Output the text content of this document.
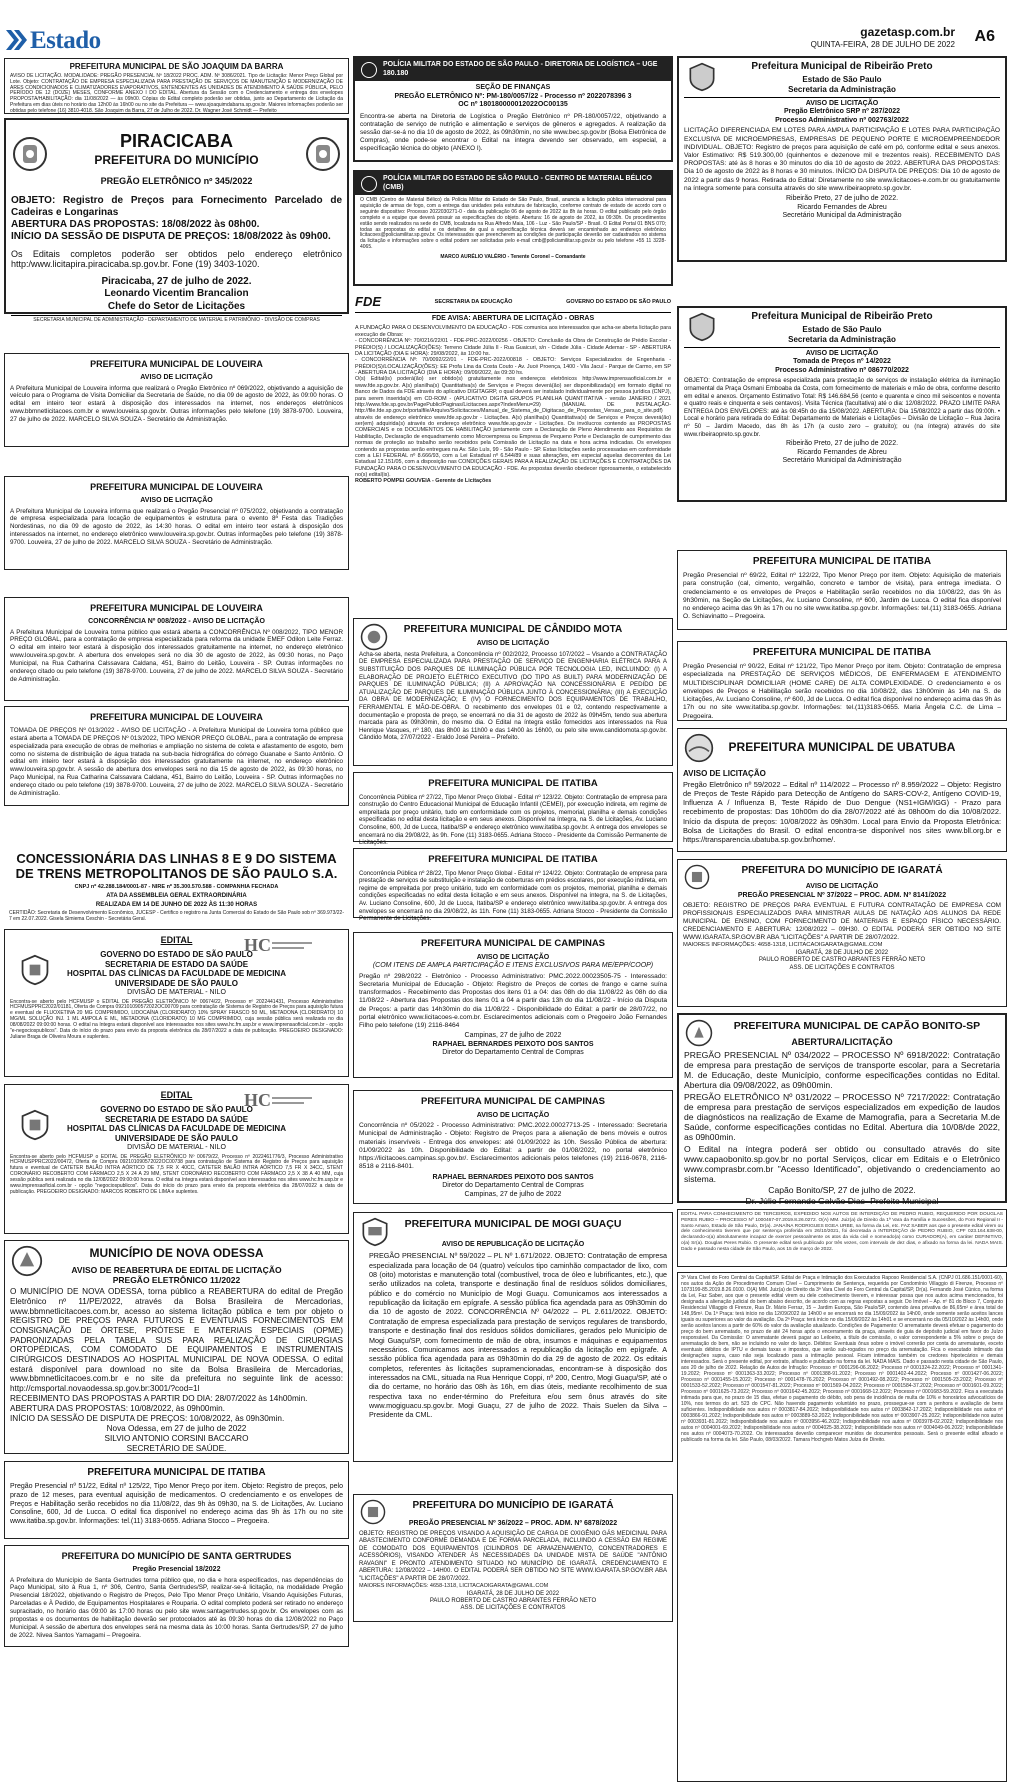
Estado	gazetasp.com.br
QUINTA-FEIRA, 28 DE JULHO DE 2022 A6
PREFEITURA MUNICIPAL DE SÃO JOAQUIM DA BARRA
AVISO DE LICITAÇÃO. MODALIDADE: PREGÃO PRESENCIAL Nº 18/2022 PROC. ADM. Nº 3086/2021. Tipo de Licitação: Menor Preço Global por Lote. Objeto: CONTRATAÇÃO DE EMPRESA ESPECIALIZADA PARA PRESTAÇÃO DE SERVIÇOS DE MANUTENÇÃO E MODERNIZAÇÃO DE ARES CONDICIONADOS E CLIMATIZADORES EVAPORATIVOS, ENTENDENTES AS UNIDADES DE ATENDIMENTO À SAÚDE PÚBLICA, PELO PERÍODO DE 12 (DOZE) MESES, CONFORME ANEXO I DO EDITAL. Abertura da Sessão com o Credenciamento e entrega dos envelopes PROPOSTA/HABILITAÇÃO: dia 11/08/2022 — às 09h00. Cópias do Edital completo poderão ser obtidas, junto ao Departamento de Licitação da Prefeitura em dias úteis no horário das 12h00 às 16h00 ou no site da Prefeitura — www.sjoaquimdabarra.sp.gov.br. Maiores informações poderão ser obtidas pelo telefone (16) 3810-4018. São Joaquim da Barra, 27 de Julho de 2022. Dr. Wagner José Schmidt — Prefeito
PIRACICABA
PREFEITURA DO MUNICÍPIO
PREGÃO ELETRÔNICO nº 345/2022
OBJETO: Registro de Preços para Fornecimento Parcelado de Cadeiras e Longarinas
ABERTURA DAS PROPOSTAS: 18/08/2022 às 08h00.
INÍCIO DA SESSÃO DE DISPUTA DE PREÇOS: 18/08/2022 às 09h00.
Os Editais completos poderão ser obtidos pelo endereço eletrônico http:/www.licitapira.piracicaba.sp.gov.br. Fone (19) 3403-1020.
Piracicaba, 27 de julho de 2022.
Leonardo Vicentim Brancalion
Chefe do Setor de Licitações
SECRETARIA MUNICIPAL DE ADMINISTRAÇÃO - DEPARTAMENTO DE MATERIAL E PATRIMÔNIO - DIVISÃO DE COMPRAS
PREFEITURA MUNICIPAL DE LOUVEIRA
AVISO DE LICITAÇÃO
A Prefeitura Municipal de Louveira informa que realizará o Pregão Eletrônico nº 069/2022, objetivando a aquisição de veículo para o Programa de Visita Domiciliar da Secretaria de Saúde, no dia 09 de agosto de 2022, às 09:00 horas. O edital em inteiro teor estará à disposição dos interessados na internet, nos endereços eletrônicos www.bbmnetlicitacoes.com.br e www.louveira.sp.gov.br. Outras informações pelo telefone (19) 3878-9700. Louveira, 27 de julho de 2022. MARCELO SILVA SOUZA - Secretário de Administração.
PREFEITURA MUNICIPAL DE LOUVEIRA
AVISO DE LICITAÇÃO
A Prefeitura Municipal de Louveira informa que realizará o Pregão Presencial nº 075/2022, objetivando a contratação de empresa especializada para locação de equipamentos e estrutura para o evento 8ª Festa das Tradições Nordestinas, no dia 09 de agosto de 2022, às 14:30 horas. O edital em inteiro teor estará à disposição dos interessados na internet, no endereço eletrônico www.louveira.sp.gov.br. Outras informações pelo telefone (19) 3878-9700. Louveira, 27 de julho de 2022. MARCELO SILVA SOUZA - Secretário de Administração.
PREFEITURA MUNICIPAL DE LOUVEIRA
CONCORRÊNCIA Nº 008/2022 - AVISO DE LICITAÇÃO
A Prefeitura Municipal de Louveira torna público que estará aberta a CONCORRÊNCIA Nº 008/2022, TIPO MENOR PREÇO GLOBAL, para a contratação de empresa especializada para reforma da unidade EMEF Odilon Leite Ferraz. O edital em inteiro teor estará à disposição dos interessados gratuitamente na internet, no endereço eletrônico www.louveira.sp.gov.br. A abertura dos envelopes será no dia 30 de agosto de 2022, às 09:30 horas, no Paço Municipal, na Rua Catharina Calssavara Caldana, 451, Bairro do Leitão, Louveira - SP. Outras informações no endereço citado ou pelo telefone (19) 3878-9700. Louveira, 27 de julho de 2022. MARCELO SILVA SOUZA - Secretário de Administração.
PREFEITURA MUNICIPAL DE LOUVEIRA
TOMADA DE PREÇOS Nº 013/2022 - AVISO DE LICITAÇÃO - A Prefeitura Municipal de Louveira torna público que estará aberta a TOMADA DE PREÇOS Nº 013/2022, TIPO MENOR PREÇO GLOBAL, para a contratação de empresa especializada para execução de obras de melhorias e ampliação no sistema de coleta e afastamento de esgoto, bem como no sistema de distribuição de água tratada na sub-bacia hidrográfica do córrego Guanabe e Santo Antônio. O edital em inteiro teor estará à disposição dos interessados gratuitamente na internet, no endereço eletrônico www.louveira.sp.gov.br. A sessão de abertura dos envelopes será no dia 15 de agosto de 2022, às 09:30 horas, no Paço Municipal, na Rua Catharina Calssavara Caldana, 451, Bairro do Leitão, Louveira - SP. Outras informações no endereço citado ou pelo telefone (19) 3878-9700. Louveira, 27 de julho de 2022. MARCELO SILVA SOUZA - Secretário de Administração.
CONCESSIONÁRIA DAS LINHAS 8 E 9 DO SISTEMA DE TRENS METROPOLITANOS DE SÃO PAULO S.A.
CNPJ nº 42.288.184/0001-87 - NIRE nº 35.300.570.588 - COMPANHIA FECHADA
ATA DA ASSEMBLEIA GERAL EXTRAORDINÁRIA
REALIZADA EM 14 DE JUNHO DE 2022 ÀS 11:30 HORAS
CERTIDÃO: Secretaria de Desenvolvimento Econômico, JUCESP - Certifico o registro na Junta Comercial do Estado de São Paulo sob nº 369.973/22-7 em 22.07.2022. Gisela Simiema Ceschin - Secretária Geral.
EDITAL	HC
GOVERNO DO ESTADO DE SÃO PAULO
SECRETARIA DE ESTADO DA SAÚDE
HOSPITAL DAS CLÍNICAS DA FACULDADE DE MEDICINA
UNIVERSIDADE DE SÃO PAULO
DIVISÃO DE MATERIAL - NILO
Encontra-se aberto pelo HCFMUSP o EDITAL DE PREGÃO ELETRÔNICO Nº 00674/22, Processo nº 2022441431, Processo Administrativo HCFMUSPPRC2022/01181, Oferta de Compra 092101090572022OC00709 para contratação de Sistema de Registro de Preços para aquisição futura e eventual de FLUOXETINA 20 MG COMPRIMIDO, LIDOCAÍNA (CLORIDRATO) 10% SPRAY FRASCO 50 ML, METADONA (CLORIDRATO) 10 MG/ML SOLUÇÃO INJ. 1 ML AMPOLA E ML, METADONA (CLORIDRATO) 10 MG COMPRIMIDO, cuja sessão pública será realizada no dia 08/08/2022 09:00:00 horas. O edital na íntegra estará disponível aos interessados nos sites www.hc.fm.usp.br e www.imprensaoficial.com.br - opção "e-negociospublicos". Data do início do prazo para envio da proposta eletrônica dia 28/07/2022 a data de publicação. PREGOEIRO DESIGNADO: Juliane Braga de Oliveira Moura e suplentes.
EDITAL	HC
GOVERNO DO ESTADO DE SÃO PAULO
SECRETARIA DE ESTADO DA SAÚDE
HOSPITAL DAS CLÍNICAS DA FACULDADE DE MEDICINA
UNIVERSIDADE DE SÃO PAULO
DIVISÃO DE MATERIAL - NILO
Encontra-se aberto pelo HCFMUSP o EDITAL DE PREGÃO ELETRÔNICO Nº 00679/22, Processo nº 2022461776/3, Processo Administrativo HCFMUSPPRC2022/00472, Oferta de Compra 092101090572022OC00738 para contratação de Sistema de Registro de Preços para aquisição futura e eventual de CATETER BALÃO INTRA AÓRTICO DE 7,5 FR X 40CC, CATETER BALÃO INTRA AÓRTICO 7,5 FR X 34CC, STENT CORONÁRIO RECOBERTO COM FÁRMACO 2,5 X 24 A 29 MM, STENT CORONÁRIO RECOBERTO COM FÁRMACO 2,5 X 38 A 40 MM, cuja sessão pública será realizada no dia 12/08/2022 09:00:00 horas. O edital na íntegra estará disponível aos interessados nos sites www.hc.fm.usp.br e www.imprensaoficial.com.br - opção "negociospublicos". Data do início do prazo para envio da proposta eletrônica dia 28/07/2022 a data de publicação. PREGOEIRO DESIGNADO: MARCOS ROBERTO DE LIMA e suplentes.
MUNICÍPIO DE NOVA ODESSA
AVISO DE REABERTURA DE EDITAL DE LICITAÇÃO
PREGÃO ELETRÔNICO 11/2022
O MUNICÍPIO DE NOVA ODESSA, torna público a REABERTURA do edital de Pregão Eletrônico nº 11/PE/2022, através da Bolsa Brasileira de Mercadorias, www.bbmnetlicitacoes.com.br, acesso ao sistema licitação pública e tem por objeto o REGISTRO DE PREÇOS PARA FUTUROS E EVENTUAIS FORNECIMENTOS EM CONSIGNAÇÃO DE ÓRTESE, PRÓTESE E MATERIAIS ESPECIAIS (OPME) PADRONIZADAS PELA TABELA SUS PARA REALIZAÇÃO DE CIRURGIAS ORTOPÉDICAS, COM COMODATO DE EQUIPAMENTOS E INSTRUMENTAIS CIRÚRGICOS DESTINADOS AO HOSPITAL MUNICIPAL DE NOVA ODESSA. O edital estará disponível para download no site da Bolsa Brasileira de Mercadorias, www.bbmnetlicitacoes.com.br e no site da prefeitura no seguinte link de acesso: http://cmsportal.novaodessa.sp.gov.br:3001/?cod=1l
RECEBIMENTO DAS PROPOSTAS A PARTIR DO DIA: 28/07/2022 às 14h00min.
ABERTURA DAS PROPOSTAS: 10/08/2022, às 09h00min.
INÍCIO DA SESSÃO DE DISPUTA DE PREÇOS: 10/08/2022, às 09h30min.
Nova Odessa, em 27 de julho de 2022
SILVIO ANTONIO CORSINI BACCARO
SECRETÁRIO DE SAÚDE.
PREFEITURA MUNICIPAL DE ITATIBA
Pregão Presencial nº 51/22, Edital nº 125/22, Tipo Menor Preço por item. Objeto: Registro de preços, pelo prazo de 12 meses, para eventual aquisição de medicamentos. O credenciamento e os envelopes de Preços e Habilitação serão recebidos no dia 11/08/22, das 9h às 09h30, na S. de Licitações, Av. Luciano Consoline, 600, Jd de Lucca. O edital fica disponível no endereço acima das 9h às 17h ou no site www.itatiba.sp.gov.br. Informações: tel.(11) 3183-0655. Adriana Stocco – Pregoeira.
PREFEITURA DO MUNICÍPIO DE SANTA GERTRUDES
Pregão Presencial 18/2022
A Prefeitura do Município de Santa Gertrudes torna público que, no dia e hora especificados, nas dependências do Paço Municipal, sito à Rua 1, nº 306, Centro, Santa Gertrudes/SP, realizar-se-á licitação, na modalidade Pregão Presencial 18/2022, objetivando o Registro de Preços, Pelo Tipo Menor Preço Unitário, Visando Aquisições Futuras, Parceladas e À Pedido, de Equipamentos Hospitalares e Rouparia. O edital completo poderá ser retirado no endereço supracitado, no horário das 09:00 às 17:00 horas ou pelo site www.santagertrudes.sp.gov.br. Os envelopes com as propostas e os documentos de habilitação deverão ser protocolados até às 09:30 horas do dia 12/08/2022 no Paço Municipal. A sessão de abertura dos envelopes será na mesma data às 10:00 horas. Santa Gertrudes/SP, 27 de julho de 2022. Nivea Santos Yamagami – Pregoeira.
POLÍCIA MILITAR DO ESTADO DE SÃO PAULO - DIRETORIA DE LOGÍSTICA – UGE 180.180
SEÇÃO DE FINANÇAS
PREGÃO ELETRÔNICO Nº: PM-180/0057/22 - Processo nº 2022078396 3
OC nº 180180000012022OC00135
Encontra-se aberta na Diretoria de Logística o Pregão Eletrônico nº PR-180/0057/22, objetivando a contratação de serviço de nutrição e alimentação e serviços de gêneros e agregados. A realização da sessão dar-se-á no dia 10 de agosto de 2022, às 09h30min, no site www.bec.sp.gov.br (Bolsa Eletrônica de Compras), onde pode-se encontrar o Edital na íntegra devendo ser observado, em especial, a especificação técnica do objeto (ANEXO I).
POLÍCIA MILITAR DO ESTADO DE SÃO PAULO - CENTRO DE MATERIAL BÉLICO (CMB)
O CMB (Centro de Material Bélico) da Polícia Militar do Estado de São Paulo, Brasil, anuncia a licitação pública internacional para aquisição de armas de fogo, com a entrega das unidades pela estrutura de fabricação, conforme contrato de estado de acordo com o seguinte dispositivo: Processo 2022030271-0 - data da publicação 06 de agosto de 2022 às 8h às horas. O edital publicado pelo órgão completo e a equipe que deverá possuir as especificações do objeto. Abertura: 16 de agosto de 2022, às 09:30h. Os procedimentos estão sendo realizados na sede do CMB, localizada na Rua Alfredo Maia, 106 - Luz - São Paulo/SP - Brasil. O Edital Portal 01 BNS 070; todas as propostas do edital e os detalhes de qual a especificação técnica deverá ser encaminhado ao endereço eletrônico licitacoes@policiamilitar.sp.gov.br. Os interessados que preencherem as condições de participação deverão ser cadastrados no sistema da licitação e informações sobre o edital podem ser solicitadas pelo e-mail cmb@policiamilitar.sp.gov.br ou pelo telefone +55 11 3228-4065.
MARCO AURÉLIO VALÉRIO - Tenente Coronel – Comandante
FDE	SECRETARIA DA EDUCAÇÃO	GOVERNO DO ESTADO DE SÃO PAULO
FDE AVISA: ABERTURA DE LICITAÇÃO - OBRAS
A FUNDAÇÃO PARA O DESENVOLVIMENTO DA EDUCAÇÃO - FDE comunica aos interessados que acha-se aberta licitação para execução de Obras:
- CONCORRÊNCIA Nº: 70/0216/22/01 - FDE-PRC-2022/00256 - OBJETO: Conclusão da Obra de Construção de Prédio Escolar - PRÉDIO(S) / LOCALIZAÇÃO(ÕES): Terreno Cidade Júlia II - Rua Guaicuri, s/n - Cidade Júlia - Cidade Ademar - SP - ABERTURA DA LICITAÇÃO (DIA E HORA): 29/08/2022, às 10:00 hs.
- CONCORRÊNCIA Nº: 70/0092/22/01 - FDE-PRC-2022/00818 - OBJETO: Serviços Especializados de Engenharia - PRÉDIO(S)/LOCALIZAÇÃO(ÕES): EE Profa Lina da Costa Couto - Av. Jucé Proença, 1400 - Vila Jacuí - Parque de Carmo, em SP - ABERTURA DA LICITAÇÃO (DIA E HORA): 09/09/2022, às 09:30 hs.
O(s) Edital(is) poderá(ão) ser obtido(s) gratuitamente nos endereços eletrônicos http://www.imprensaoficial.com.br e www.fde.sp.gov.br. A(s) planilha(s) Quantitativa(s) de Serviços e Preços deverá(ão) ser disponibilizada(s) em formato digital no Banco de Dados da FDE através do aplicativo DIGITAGRP, o qual deverá ser instalado individualmente por pessoa jurídica (CNPJ), para serem inserida(s) em CD-ROM - (APLICATIVO DIGITA GRUPOS PLANILHA QUANTITATIVA - versão JANEIRO / 2021 http://www.fde.sp.gov.br/PagePublic/Paginas/Licitacoes.aspx?IndexMenu=29) (MANUAL DE INSTALAÇÃO-http://file.fde.sp.gov.br/portalfile/Arquivo/Solicitacoes/Manual_de_Sistema_de_Digitacao_de_Propostas_Versao_para_o_site.pdf) através de endereço eletrônico www.fde.sp.gov.br - Licitações. A(s) planilha(s) Quantitativa(s) de Serviços e Preços deverá(ão) ser(em) adquirida(s) através do endereço eletrônico www.fde.sp.gov.br - Licitações. Os invólucros contendo as PROPOSTAS COMERCIAIS e os DOCUMENTOS DE HABILITAÇÃO juntamente com a Declaração de Pleno Atendimento aos Requisitos de Habilitação, Declaração de enquadramento como Microempresa ou Empresa de Pequeno Porte e Declaração de cumprimento das normas de proteção ao trabalho serão recebidos pela Comissão de Licitação na data e hora acima indicadas. Os envelopes contendo as propostas serão entregues na Av. São Luís, 99 - São Paulo - SP. Estas licitações serão processadas em conformidade com a LEI FEDERAL nº 8.666/93, com a Lei Estadual nº 6.544/89 e suas alterações, em especial aquelas decorrentes da Lei Estadual 12.151/05, com a disposição nas CONDIÇÕES GERAIS PARA A REALIZAÇÃO DE LICITAÇÕES E CONTRATAÇÕES DA FUNDAÇÃO PARA O DESENVOLVIMENTO DA EDUCAÇÃO - FDE. As propostas deverão obedecer rigorosamente, o estabelecido no(s) edital(is).
ROBERTO POMPEI GOUVEIA - Gerente de Licitações
PREFEITURA MUNICIPAL DE CÂNDIDO MOTA
AVISO DE LICITAÇÃO
Acha-se aberta, nesta Prefeitura, a Concorrência nº 002/2022, Processo 107/2022 – Visando a CONTRATAÇÃO DE EMPRESA ESPECIALIZADA PARA PRESTAÇÃO DE SERVIÇO DE ENGENHARIA ELÉTRICA PARA A SUBSTITUIÇÃO DOS PARQUES DE ILUMINAÇÃO PÚBLICA POR TECNOLOGIA LED, INCLUINDO: (I) A ELABORAÇÃO DE PROJETO ELÉTRICO EXECUTIVO (DO TIPO AS BUILT) PARA MODERNIZAÇÃO DE PARQUES DE ILUMINAÇÃO PÚBLICA; (II) A APROVAÇÃO NA CONCESSIONÁRIA E PEDIDO DE ATUALIZAÇÃO DE PARQUES DE ILUMINAÇÃO PÚBLICA JUNTO À CONCESSIONÁRIA; (III) A EXECUÇÃO DA OBRA DE MODERNIZAÇÃO; E (IV) O FORNECIMENTO DOS EQUIPAMENTOS DE TRABALHO, FERRAMENTAL E MÃO-DE-OBRA. O recebimento dos envelopes 01 e 02, contendo respectivamente a documentação e proposta de preço, se encerrará no dia 31 de agosto de 2022 às 09h45m, tendo sua abertura marcada para as 09h30min, do mesmo dia. O Edital na íntegra estão fornecidos aos interessados na Rua Henrique Vasques, nº 180, das 8h00 às 11h00 e das 14h00 às 16h00, ou pelo site www.candidomota.sp.gov.br. Cândido Mota, 27/07/2022 - Eraldo José Pereira – Prefeito.
PREFEITURA MUNICIPAL DE ITATIBA
Concorrência Pública nº 27/22, Tipo Menor Preço Global - Edital nº 123/22. Objeto: Contratação de empresa para construção do Centro Educacional Municipal de Educação Infantil (CEMEI), por execução indireta, em regime de empreitada por preço unitário, tudo em conformidade com os projetos, memorial, planilha e demais condições especificadas no edital desta licitação e em seus anexos. Disponível na íntegra, na S. de Licitações, Av. Luciano Consoline, 600, Jd de Lucca, Itatiba/SP e endereço eletrônico www.itatiba.sp.gov.br. A entrega dos envelopes se encerrará no dia 29/08/22, às 9h. Fone (11) 3183-0655. Adriana Stocco - Presidente da Comissão Permanente de Licitações.
PREFEITURA MUNICIPAL DE ITATIBA
Concorrência Pública nº 28/22, Tipo Menor Preço Global - Edital nº 124/22. Objeto: Contratação de empresa para prestação de serviços de substituição e instalação de coberturas em prédios escolares, por execução indireta, em regime de empreitada por preço unitário, tudo em conformidade com os projetos, memorial, planilha e demais condições especificadas no edital desta licitação e em seus anexos. Disponível na íntegra, na S. de Licitações, Av. Luciano Consoline, 600, Jd de Lucca, Itatiba/SP e endereço eletrônico www.itatiba.sp.gov.br. A entrega dos envelopes se encerrará no dia 29/08/22, às 11h. Fone (11) 3183-0655. Adriana Stocco - Presidente da Comissão Permanente de Licitações.
PREFEITURA MUNICIPAL DE CAMPINAS
AVISO DE LICITAÇÃO
(COM ITENS DE AMPLA PARTICIPAÇÃO E ITENS EXCLUSIVOS PARA ME/EPP/COOP)
Pregão nº 298/2022 - Eletrônico - Processo Administrativo: PMC.2022.00023505-75 - Interessado: Secretaria Municipal de Educação - Objeto: Registro de Preços de cortes de frango e carne suína transformados - Recebimento das Propostas dos itens 01 a 04: das 08h do dia 11/08/22 às 08h do dia 11/08/22 - Abertura das Propostas dos itens 01 a 04 a partir das 13h do dia 11/08/22 - Início da Disputa de Preços: a partir das 14h30min do dia 11/08/22 - Disponibilidade do Edital: a partir de 28/07/22, no portal eletrônico www.licitacoes-e.com.br. Esclarecimentos adicionais com o Pregoeiro João Fernandes Filho pelo telefone (19) 2116-8464
Campinas, 27 de julho de 2022
RAPHAEL BERNARDES PEIXOTO DOS SANTOS
Diretor do Departamento Central de Compras
PREFEITURA MUNICIPAL DE CAMPINAS
AVISO DE LICITAÇÃO
Concorrência nº 05/2022 - Processo Administrativo: PMC.2022.00027713-25 - Interessado: Secretaria Municipal de Administração - Objeto: Registro de Preços para a alienação de bens móveis e outros materiais inservíveis - Entrega dos envelopes: até 01/09/2022 às 10h. Sessão Pública de abertura: 01/09/2022 às 10h. Disponibilidade do Edital: a partir de 01/08/2022, no portal eletrônico https://licitacoes.campinas.sp.gov.br/. Esclarecimentos adicionais pelos telefones (19) 2116-0678, 2116-8518 e 2116-8401.
RAPHAEL BERNARDES PEIXOTO DOS SANTOS
Diretor do Departamento Central de Compras
Campinas, 27 de julho de 2022
PREFEITURA MUNICIPAL DE MOGI GUAÇU
AVISO DE REPUBLICAÇÃO DE LICITAÇÃO
PREGÃO PRESENCIAL Nº 59/2022 – PL Nº 1.671/2022. OBJETO: Contratação de empresa especializada para locação de 04 (quatro) veículos tipo caminhão compactador de lixo, com 08 (oito) motoristas e manutenção total (combustível, troca de óleo e lubrificantes, etc.), que serão utilizados na coleta, transporte e destinação final de resíduos sólidos domiciliares, público e do comércio no Município de Mogi Guaçu. Comunicamos aos interessados a republicação da licitação em epígrafe. A sessão pública fica agendada para as 09h30min do dia 10 de agosto de 2022. CONCORRÊNCIA Nº 04/2022 – PL 2.611/2022. OBJETO: Contratação de empresa especializada para prestação de serviços regulares de transbordo, transporte e destinação final dos resíduos sólidos domiciliares, gerados pelo Município de Mogi Guaçu/SP, com fornecimento de mão de obra, insumos e máquinas e equipamentos necessários. Comunicamos aos interessados a republicação da licitação em epígrafe. A sessão pública fica agendada para as 09h30min do dia 29 de agosto de 2022. Os editais completos, referentes às licitações supramencionadas, encontram-se à disposição dos interessados na CML, situada na Rua Henrique Coppi, nº 200, Centro, Mogi Guaçu/SP, até o dia do certame, no horário das 08h às 16h, em dias úteis, mediante recolhimento de sua respectiva taxa no ender-término do Prefeitura e/ou sem ônus através do site www.mogiguacu.sp.gov.br. Mogi Guaçu, 27 de julho de 2022. Thais Suelen da Silva – Presidente da CML.
PREFEITURA DO MUNICÍPIO DE IGARATÁ
PREGÃO PRESENCIAL Nº 36/2022 – PROC. ADM. Nº 6878/2022
OBJETO: REGISTRO DE PREÇOS VISANDO A AQUISIÇÃO DE CARGA DE OXIGÊNIO GÁS MEDICINAL PARA ABASTECIMENTO CONFORME DEMANDA E DE FORMA PARCELADA, INCLUINDO A CESSÃO EM REGIME DE COMODATO DOS EQUIPAMENTOS (CILINDROS DE ARMAZENAMENTO, CONCENTRADORES E ACESSÓRIOS), VISANDO ATENDER ÀS NECESSIDADES DA UNIDADE MISTA DE SAÚDE "ANTÔNIO RAVAGNI" E PRONTO ATENDIMENTO SITUADO NO MUNICÍPIO DE IGARATÁ. CREDENCIAMENTO E ABERTURA: 12/08/2022 – 14H00. O EDITAL PODERÁ SER OBTIDO NO SITE WWW.IGARATA.SP.GOV.BR ABA "LICITAÇÕES" A PARTIR DE 28/07/2022.
MAIORES INFORMAÇÕES: 4658-1318, LICITACAOIGARATA@GMAIL.COM
IGARATÁ, 28 DE JULHO DE 2022
PAULO ROBERTO DE CASTRO ABRANTES FERRÃO NETO
ASS. DE LICITAÇÕES E CONTRATOS
Prefeitura Municipal de Ribeirão Preto
Estado de São Paulo
Secretaria da Administração
AVISO DE LICITAÇÃO
Pregão Eletrônico SRP nº 287/2022
Processo Administrativo nº 002763/2022
LICITAÇÃO DIFERENCIADA EM LOTES PARA AMPLA PARTICIPAÇÃO E LOTES PARA PARTICIPAÇÃO EXCLUSIVA DE MICROEMPRESAS, EMPRESAS DE PEQUENO PORTE E MICROEMPREENDEDOR INDIVIDUAL. OBJETO: Registro de preços para aquisição de café em pó, conforme edital e seus anexos. Valor Estimativo: R$ 519.300,00 (quinhentos e dezenove mil e trezentos reais). RECEBIMENTO DAS PROPOSTAS: até às 8 horas e 30 minutos do dia 10 de agosto de 2022. ABERTURA DAS PROPOSTAS: Dia 10 de agosto de 2022 às 8 horas e 30 minutos. INÍCIO DA DISPUTA DE PREÇOS: Dia 10 de agosto de 2022 a partir das 9 horas. Retirada do Edital: Diretamente no site www.licitacoes-e.com.br ou gratuitamente na íntegra somente para consulta através do site www.ribeiraopreto.sp.gov.br.
Ribeirão Preto, 27 de julho de 2022.
Ricardo Fernandes de Abreu
Secretário Municipal da Administração
Prefeitura Municipal de Ribeirão Preto
Estado de São Paulo
Secretaria da Administração
AVISO DE LICITAÇÃO
Tomada de Preços nº 14/2022
Processo Administrativo nº 086770/2022
OBJETO: Contratação de empresa especializada para prestação de serviços de instalação elétrica da iluminação ornamental da Praça Osmani Emboaba da Costa, com fornecimento de materiais e mão de obra, conforme descrito em edital e anexos. Orçamento Estimativo Total: R$ 146.684,56 (cento e quarenta e cinco mil seiscentos e noventa e quatro reais e cinquenta e seis centavos). Visita Técnica (facultativa) até o dia: 12/08/2022. PRAZO LIMITE PARA ENTREGA DOS ENVELOPES: até às 08:45h do dia 15/08/2022. ABERTURA: Dia 15/08/2022 a partir das 09:00h. • Local e horário para retirada do Edital: Departamento de Materiais e Licitações – Divisão de Licitação – Rua Jacira nº 50 – Jardim Macedo, das 8h às 17h (a custo zero – gratuito); ou (na íntegra) através do site www.ribeiraopreto.sp.gov.br.
Ribeirão Preto, 27 de julho de 2022.
Ricardo Fernandes de Abreu
Secretário Municipal da Administração
PREFEITURA MUNICIPAL DE ITATIBA
Pregão Presencial nº 69/22, Edital nº 122/22, Tipo Menor Preço por item. Objeto: Aquisição de materiais para construção (cal, cimento, vergalhão, concreto e tambor de visita), para entrega imediata. O credenciamento e os envelopes de Preços e Habilitação serão recebidos no dia 10/08/22, das 9h às 9h30min, na Seção de Licitações, Av. Luciano Consoline, nº 600, Jardim de Lucca. O edital fica disponível no endereço acima das 9h às 17h ou no site www.itatiba.sp.gov.br. Informações: tel.(11) 3183-0655. Adriana O. Schiavinatto – Pregoeira.
PREFEITURA MUNICIPAL DE ITATIBA
Pregão Presencial nº 90/22, Edital nº 121/22, Tipo Menor Preço por item. Objeto: Contratação de empresa especializada na PRESTAÇÃO DE SERVIÇOS MÉDICOS, DE ENFERMAGEM E ATENDIMENTO MULTIDISCIPLINAR DOMICILIAR (HOME CARE) DE ALTA COMPLEXIDADE. O credenciamento e os envelopes de Preços e Habilitação serão recebidos no dia 10/08/22, das 13h00min às 14h na S. de Licitações, Av. Luciano Consoline, nº 600, Jd de Lucca. O edital fica disponível no endereço acima das 9h às 17h ou no site www.itatiba.sp.gov.br. Informações: tel.(11)3183-0655. Maria Ângela C.C. de Lima – Pregoeira.
PREFEITURA MUNICIPAL DE UBATUBA
AVISO DE LICITAÇÃO
Pregão Eletrônico nº 59/2022 – Edital nº 114/2022 – Processo nº 8.959/2022 – Objeto: Registro de Preços de Teste Rápido para Detecção de Antígeno do SARS-COV-2, Antígeno COVID-19, Influenza A / Influenza B, Teste Rápido de Duo Dengue (NS1+IGM/IGG) - Prazo para recebimento de propostas: Das 10h00m do dia 28/07/2022 até às 08h00m do dia 10/08/2022. Início da disputa de preços: 10/08/2022 às 09h30m. Local para Envio da Proposta Eletrônica: Bolsa de Licitações do Brasil. O edital encontra-se disponível nos sites www.bll.org.br e https://transparencia.ubatuba.sp.gov.br/home/.
PREFEITURA DO MUNICÍPIO DE IGARATÁ
AVISO DE LICITAÇÃO
PREGÃO PRESENCIAL Nº 37/2022 – PROC. ADM. Nº 8141/2022
OBJETO: REGISTRO DE PREÇOS PARA EVENTUAL E FUTURA CONTRATAÇÃO DE EMPRESA COM PROFISSIONAIS ESPECIALIZADOS PARA MINISTRAR AULAS DE NATAÇÃO AOS ALUNOS DA REDE MUNICIPAL DE ENSINO, COM FORNECIMENTO DE MATERIAIS E ESPAÇO FÍSICO NECESSÁRIO. CREDENCIAMENTO E ABERTURA: 12/08/2022 – 09H30. O EDITAL PODERÁ SER OBTIDO NO SITE WWW.IGARATA.SP.GOV.BR ABA "LICITAÇÕES" A PARTIR DE 28/07/2022.
MAIORES INFORMAÇÕES: 4658-1318, LICITACAOIGARATA@GMAIL.COM
IGARATÁ, 28 DE JULHO DE 2022
PAULO ROBERTO DE CASTRO ABRANTES FERRÃO NETO
ASS. DE LICITAÇÕES E CONTRATOS
PREFEITURA MUNICIPAL DE CAPÃO BONITO-SP
ABERTURA/LICITAÇÃO
PREGÃO PRESENCIAL Nº 034/2022 – PROCESSO Nº 6918/2022: Contratação de empresa para prestação de serviços de transporte escolar, para a Secretaria M. de Educação, deste Município, conforme especificações contidas no Edital. Abertura dia 09/08/2022, as 09h00min.
PREGÃO ELETRÔNICO Nº 031/2022 – PROCESSO Nº 7217/2022: Contratação de empresa para prestação de serviços especializados em expedição de laudos de diagnósticos na realização de Exame de Mamografia, para a Secretaria M.de Saúde, conforme especificações contidas no Edital. Abertura dia 10/08/de 2022, as 09h00min.
O Edital na íntegra poderá ser obtido ou consultado através do site www.capaobonito.sp.gov.br no portal Serviços, clicar em Editais e o Eletrônico www.comprasbr.com.br "Acesso Identificado", objetivando o credenciamento ao sistema.
Capão Bonito/SP, 27 de julho de 2022.
Dr. Júlio Fernando Galvão Dias- Prefeito Municipal
EDITAL PARA CONHECIMENTO DE TERCEIROS, EXPEDIDO NOS AUTOS DE INTERDIÇÃO DE PEDRO RUBIO, REQUERIDO POR DOUGLAS PERES RUBIO – PROCESSO Nº 1000467-07.2019.8.26.0272. O(A) MM. Juiz(a) de Direito da 1ª Vara da Família e Sucessões, do Foro Regional II - Santo Amaro, Estado de São Paulo, Dr(a). JANAÍNA RODRIGUES EGEA URBE, na forma da Lei, etc. FAZ SABER aos que o presente edital virem ou dele conhecimento tiverem que por sentença proferida em 26/10/2021, foi decretada a INTERDIÇÃO de PEDRO RUBIO, CPF 023.164.638-00, declarando-o(a) absolutamente incapaz de exercer pessoalmente os atos da vida civil e nomeado(a) como CURADOR(A), em caráter DEFINITIVO, o(a) Sr(a). Douglas Peres Rubio. O presente edital será publicado por três vezes, com intervalo de dez dias, e afixado na forma da lei. NADA MAIS. Dado e passado nesta cidade de São Paulo, aos 15 de março de 2022.
3ª Vara Cível do Foro Central da Capital/SP. Edital de Praça e Intimação dos Executados Raposo Residencial S.A. (CNPJ 01.686.151/0001-60), nos autos da Ação de Procedimento Comum Cível – Cumprimento de Sentença, requerida por Condomínio Villaggio di Firenze, Processo nº 1073199-85.2019.8.26.0100. O(A) MM. Juiz(a) de Direito da 3ª Vara Cível do Foro Central da Capital/SP, Dr(a). Fernando José Cúnico, na forma da Lei, Faz Saber, aos que o presente edital virem ou dele conhecimento tiverem, e interessar possa que nos autos acima mencionados, foi designada a alienação judicial do bem abaixo descrito, de acordo com as regras expostas a seguir. Do Imóvel – Ap. nº 81 do Bloco 7, Conjunto Residencial Villaggio di Firenze, Rua Dr. Mário Ferraz, 15 – Jardim Europa, São Paulo/SP, contendo área privativa de 86,65m² e área total de 148,95m². Da 1ª Praça: terá início no dia 12/09/2022 às 14h00 e se encerrará no dia 15/09/2022 às 14h00, onde somente serão aceitos lances iguais ou superiores ao valor da avaliação. Da 2ª Praça: terá início no dia 15/09/2022 às 14h01 e se encerrará no dia 05/10/2022 às 14h00, onde serão aceitos lances a partir de 60% do valor da avaliação atualizado. Condições de Pagamento: O arrematante deverá efetuar o pagamento do preço do bem arrematado, no prazo de até 24 horas após o encerramento da praça, através de guia de depósito judicial em favor do Juízo responsável. Da Comissão: O arrematante deverá pagar ao Leiloeiro, a título de comissão, o valor correspondente a 5% sobre o preço de arrematação do bem, não se incluindo no valor do lanço. Débitos: Eventuais ônus sobre o imóvel correrão por conta do arrematante, exceto eventuais débitos de IPTU e demais taxas e impostos, que serão sub-rogados no preço da arrematação. Fica o executado intimado das designações supra, caso não seja localizado para a intimação pessoal. Ficam intimados também os credores hipotecários e demais interessados. Será o presente edital, por extrato, afixado e publicado na forma da lei. NADA MAIS. Dado e passado nesta cidade de São Paulo, aos 20 de julho de 2022. Relação de Autos de Infração: Processo nº 0001296-06.2022; Processo nº 0001324-22.2022; Processo nº 0001341-19.2022; Processo nº 0001363-33.2022; Processo nº 0001388-91.2022; Processo nº 0001402-44.2022; Processo nº 0001427-06.2022; Processo nº 0001455-15.2022; Processo nº 0001478-76.2022; Processo nº 0001492-08.2022; Processo nº 0001505-23.2022; Processo nº 0001533-52.2022; Processo nº 0001547-81.2022; Processo nº 0001569-04.2022; Processo nº 0001584-37.2022; Processo nº 0001601-09.2022; Processo nº 0001625-73.2022; Processo nº 0001642-45.2022; Processo nº 0001668-12.2022; Processo nº 0001683-59.2022. Fica a executada intimada para que, no prazo de 15 dias, efetue o pagamento do débito, sob pena de incidência de multa de 10% e honorários advocatícios de 10%, nos termos do art. 523 do CPC. Não havendo pagamento voluntário no prazo, prossegue-se com a penhora e avaliação de bens suficientes. Indisponibilidade nos autos nº 0003817-84.2022; Indisponibilidade nos autos nº 0003842-17.2022; Indisponibilidade nos autos nº 0003866-91.2022; Indisponibilidade nos autos nº 0003889-53.2022; Indisponibilidade nos autos nº 0003907-25.2022; Indisponibilidade nos autos nº 0003931-81.2022; Indisponibilidade nos autos nº 0003956-46.2022; Indisponibilidade nos autos nº 0003978-02.2022; Indisponibilidade nos autos nº 0004001-69.2022; Indisponibilidade nos autos nº 0004025-38.2022; Indisponibilidade nos autos nº 0004049-06.2022; Indisponibilidade nos autos nº 0004073-70.2022. Os interessados deverão comparecer munidos de documentos pessoais. Será o presente edital afixado e publicado na forma da lei. São Paulo, 08/03/2022. Tamara Hochgreb Matos Juíza de Direito.
